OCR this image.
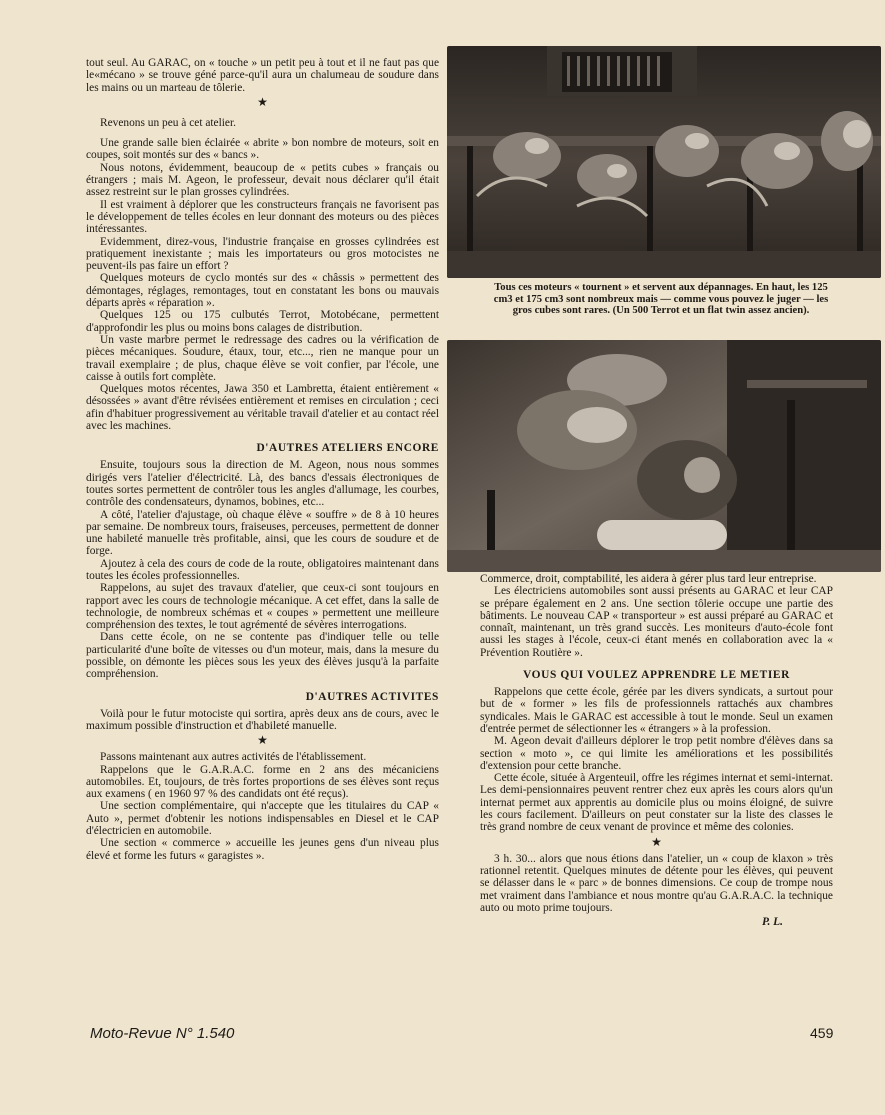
tout seul. Au GARAC, on « touche » un petit peu à tout et il ne faut pas que le«mécano » se trouve géné parce-qu'il aura un chalumeau de soudure dans les mains ou un marteau de tôlerie.

★

Revenons un peu à cet atelier.

Une grande salle bien éclairée « abrite » bon nombre de moteurs, soit en coupes, soit montés sur des « bancs ».

Nous notons, évidemment, beaucoup de « petits cubes » français ou étrangers ; mais M. Ageon, le professeur, devait nous déclarer qu'il était assez restreint sur le plan grosses cylindrées.

Il est vraiment à déplorer que les constructeurs français ne favorisent pas le développement de telles écoles en leur donnant des moteurs ou des pièces intéressantes.

Evidemment, direz-vous, l'industrie française en grosses cylindrées est pratiquement inexistante ; mais les importateurs ou gros motocistes ne peuvent-ils pas faire un effort ?

Quelques moteurs de cyclo montés sur des « châssis » permettent des démontages, réglages, remontages, tout en constatant les bons ou mauvais départs après « réparation ».

Quelques 125 ou 175 culbutés Terrot, Motobécane, permettent d'approfondir les plus ou moins bons calages de distribution.

Un vaste marbre permet le redressage des cadres ou la vérification de pièces mécaniques. Soudure, étaux, tour, etc..., rien ne manque pour un travail exemplaire ; de plus, chaque élève se voit confier, par l'école, une caisse à outils fort complète.

Quelques motos récentes, Jawa 350 et Lambretta, étaient entièrement « désossées » avant d'être révisées entièrement et remises en circulation ; ceci afin d'habituer progressivement au véritable travail d'atelier et au contact réel avec les machines.

D'AUTRES ATELIERS ENCORE

Ensuite, toujours sous la direction de M. Ageon, nous nous sommes dirigés vers l'atelier d'électricité. Là, des bancs d'essais électroniques de toutes sortes permettent de contrôler tous les angles d'allumage, les courbes, contrôle des condensateurs, dynamos, bobines, etc...

A côté, l'atelier d'ajustage, où chaque élève « souffre » de 8 à 10 heures par semaine. De nombreux tours, fraiseuses, perceuses, permettent de donner une habileté manuelle très profitable, ainsi, que les cours de soudure et de forge.

Ajoutez à cela des cours de code de la route, obligatoires maintenant dans toutes les écoles professionnelles.

Rappelons, au sujet des travaux d'atelier, que ceux-ci sont toujours en rapport avec les cours de technologie mécanique. A cet effet, dans la salle de technologie, de nombreux schémas et « coupes » permettent une meilleure compréhension des textes, le tout agrémenté de sévères interrogations.

Dans cette école, on ne se contente pas d'indiquer telle ou telle particularité d'une boîte de vitesses ou d'un moteur, mais, dans la mesure du possible, on démonte les pièces sous les yeux des élèves jusqu'à la parfaite compréhension.

D'AUTRES ACTIVITES

Voilà pour le futur motociste qui sortira, après deux ans de cours, avec le maximum possible d'instruction et d'habileté manuelle.

★

Passons maintenant aux autres activités de l'établissement.

Rappelons que le G.A.R.A.C. forme en 2 ans des mécaniciens automobiles. Et, toujours, de très fortes proportions de ses élèves sont reçus aux examens ( en 1960 97 % des candidats ont été reçus).

Une section complémentaire, qui n'accepte que les titulaires du CAP « Auto », permet d'obtenir les notions indispensables en Diesel et le CAP d'électricien en automobile.

Une section « commerce » accueille les jeunes gens d'un niveau plus élevé et forme les futurs « garagistes ».

Tous ces moteurs « tournent » et servent aux dépannages. En haut, les 125 cm3 et 175 cm3 sont nombreux mais — comme vous pouvez le juger — les gros cubes sont rares. (Un 500 Terrot et un flat twin assez ancien).

Commerce, droit, comptabilité, les aidera à gérer plus tard leur entreprise.

Les électriciens automobiles sont aussi présents au GARAC et leur CAP se prépare également en 2 ans. Une section tôlerie occupe une partie des bâtiments. Le nouveau CAP « transporteur » est aussi préparé au GARAC et connaît, maintenant, un très grand succès. Les moniteurs d'auto-école font aussi les stages à l'école, ceux-ci étant menés en collaboration avec la « Prévention Routière ».

VOUS QUI VOULEZ APPRENDRE LE METIER

Rappelons que cette école, gérée par les divers syndicats, a surtout pour but de « former » les fils de professionnels rattachés aux chambres syndicales. Mais le GARAC est accessible à tout le monde. Seul un examen d'entrée permet de sélectionner les « étrangers » à la profession.

M. Ageon devait d'ailleurs déplorer le trop petit nombre d'élèves dans sa section « moto », ce qui limite les améliorations et les possibilités d'extension pour cette branche.

Cette école, située à Argenteuil, offre les régimes internat et semi-internat. Les demi-pensionnaires peuvent rentrer chez eux après les cours alors qu'un internat permet aux apprentis au domicile plus ou moins éloigné, de suivre les cours facilement. D'ailleurs on peut constater sur la liste des classes le très grand nombre de ceux venant de province et même des colonies.

★

3 h. 30... alors que nous étions dans l'atelier, un « coup de klaxon » très rationnel retentit. Quelques minutes de détente pour les élèves, qui peuvent se délasser dans le « parc » de bonnes dimensions. Ce coup de trompe nous met vraiment dans l'ambiance et nous montre qu'au G.A.R.A.C. la technique auto ou moto prime toujours.

P. L.
Moto-Revue N° 1.540	459
